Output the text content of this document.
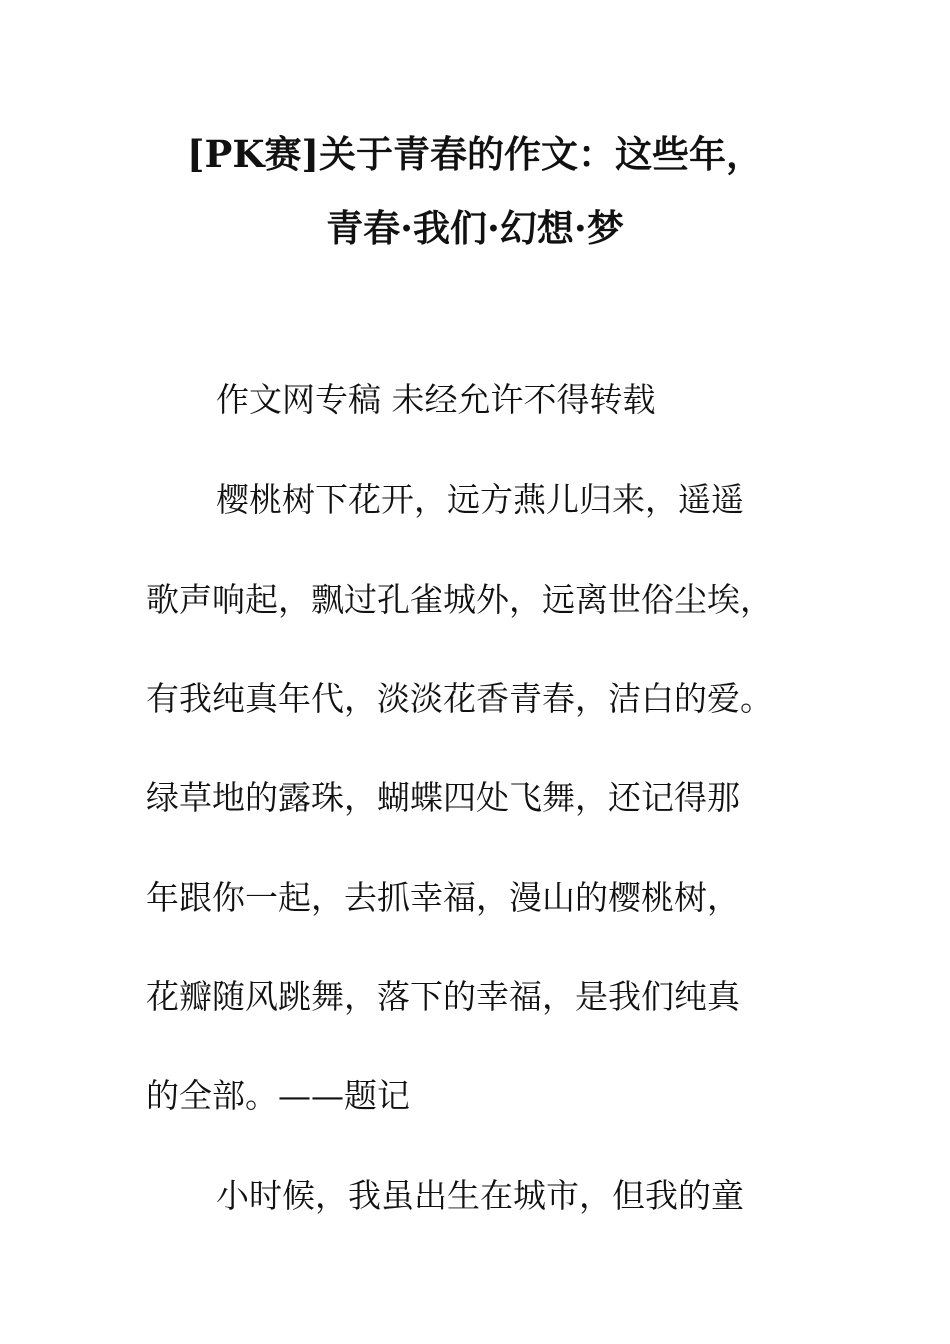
[PK赛]关于青春的作文：这些年，
青春·我们·幻想·梦
作文网专稿 未经允许不得转载
樱桃树下花开，远方燕儿归来，遥遥
歌声响起，飘过孔雀城外，远离世俗尘埃，
有我纯真年代，淡淡花香青春，洁白的爱。
绿草地的露珠，蝴蝶四处飞舞，还记得那
年跟你一起，去抓幸福，漫山的樱桃树，
花瓣随风跳舞，落下的幸福，是我们纯真
的全部。——题记
小时候，我虽出生在城市，但我的童
